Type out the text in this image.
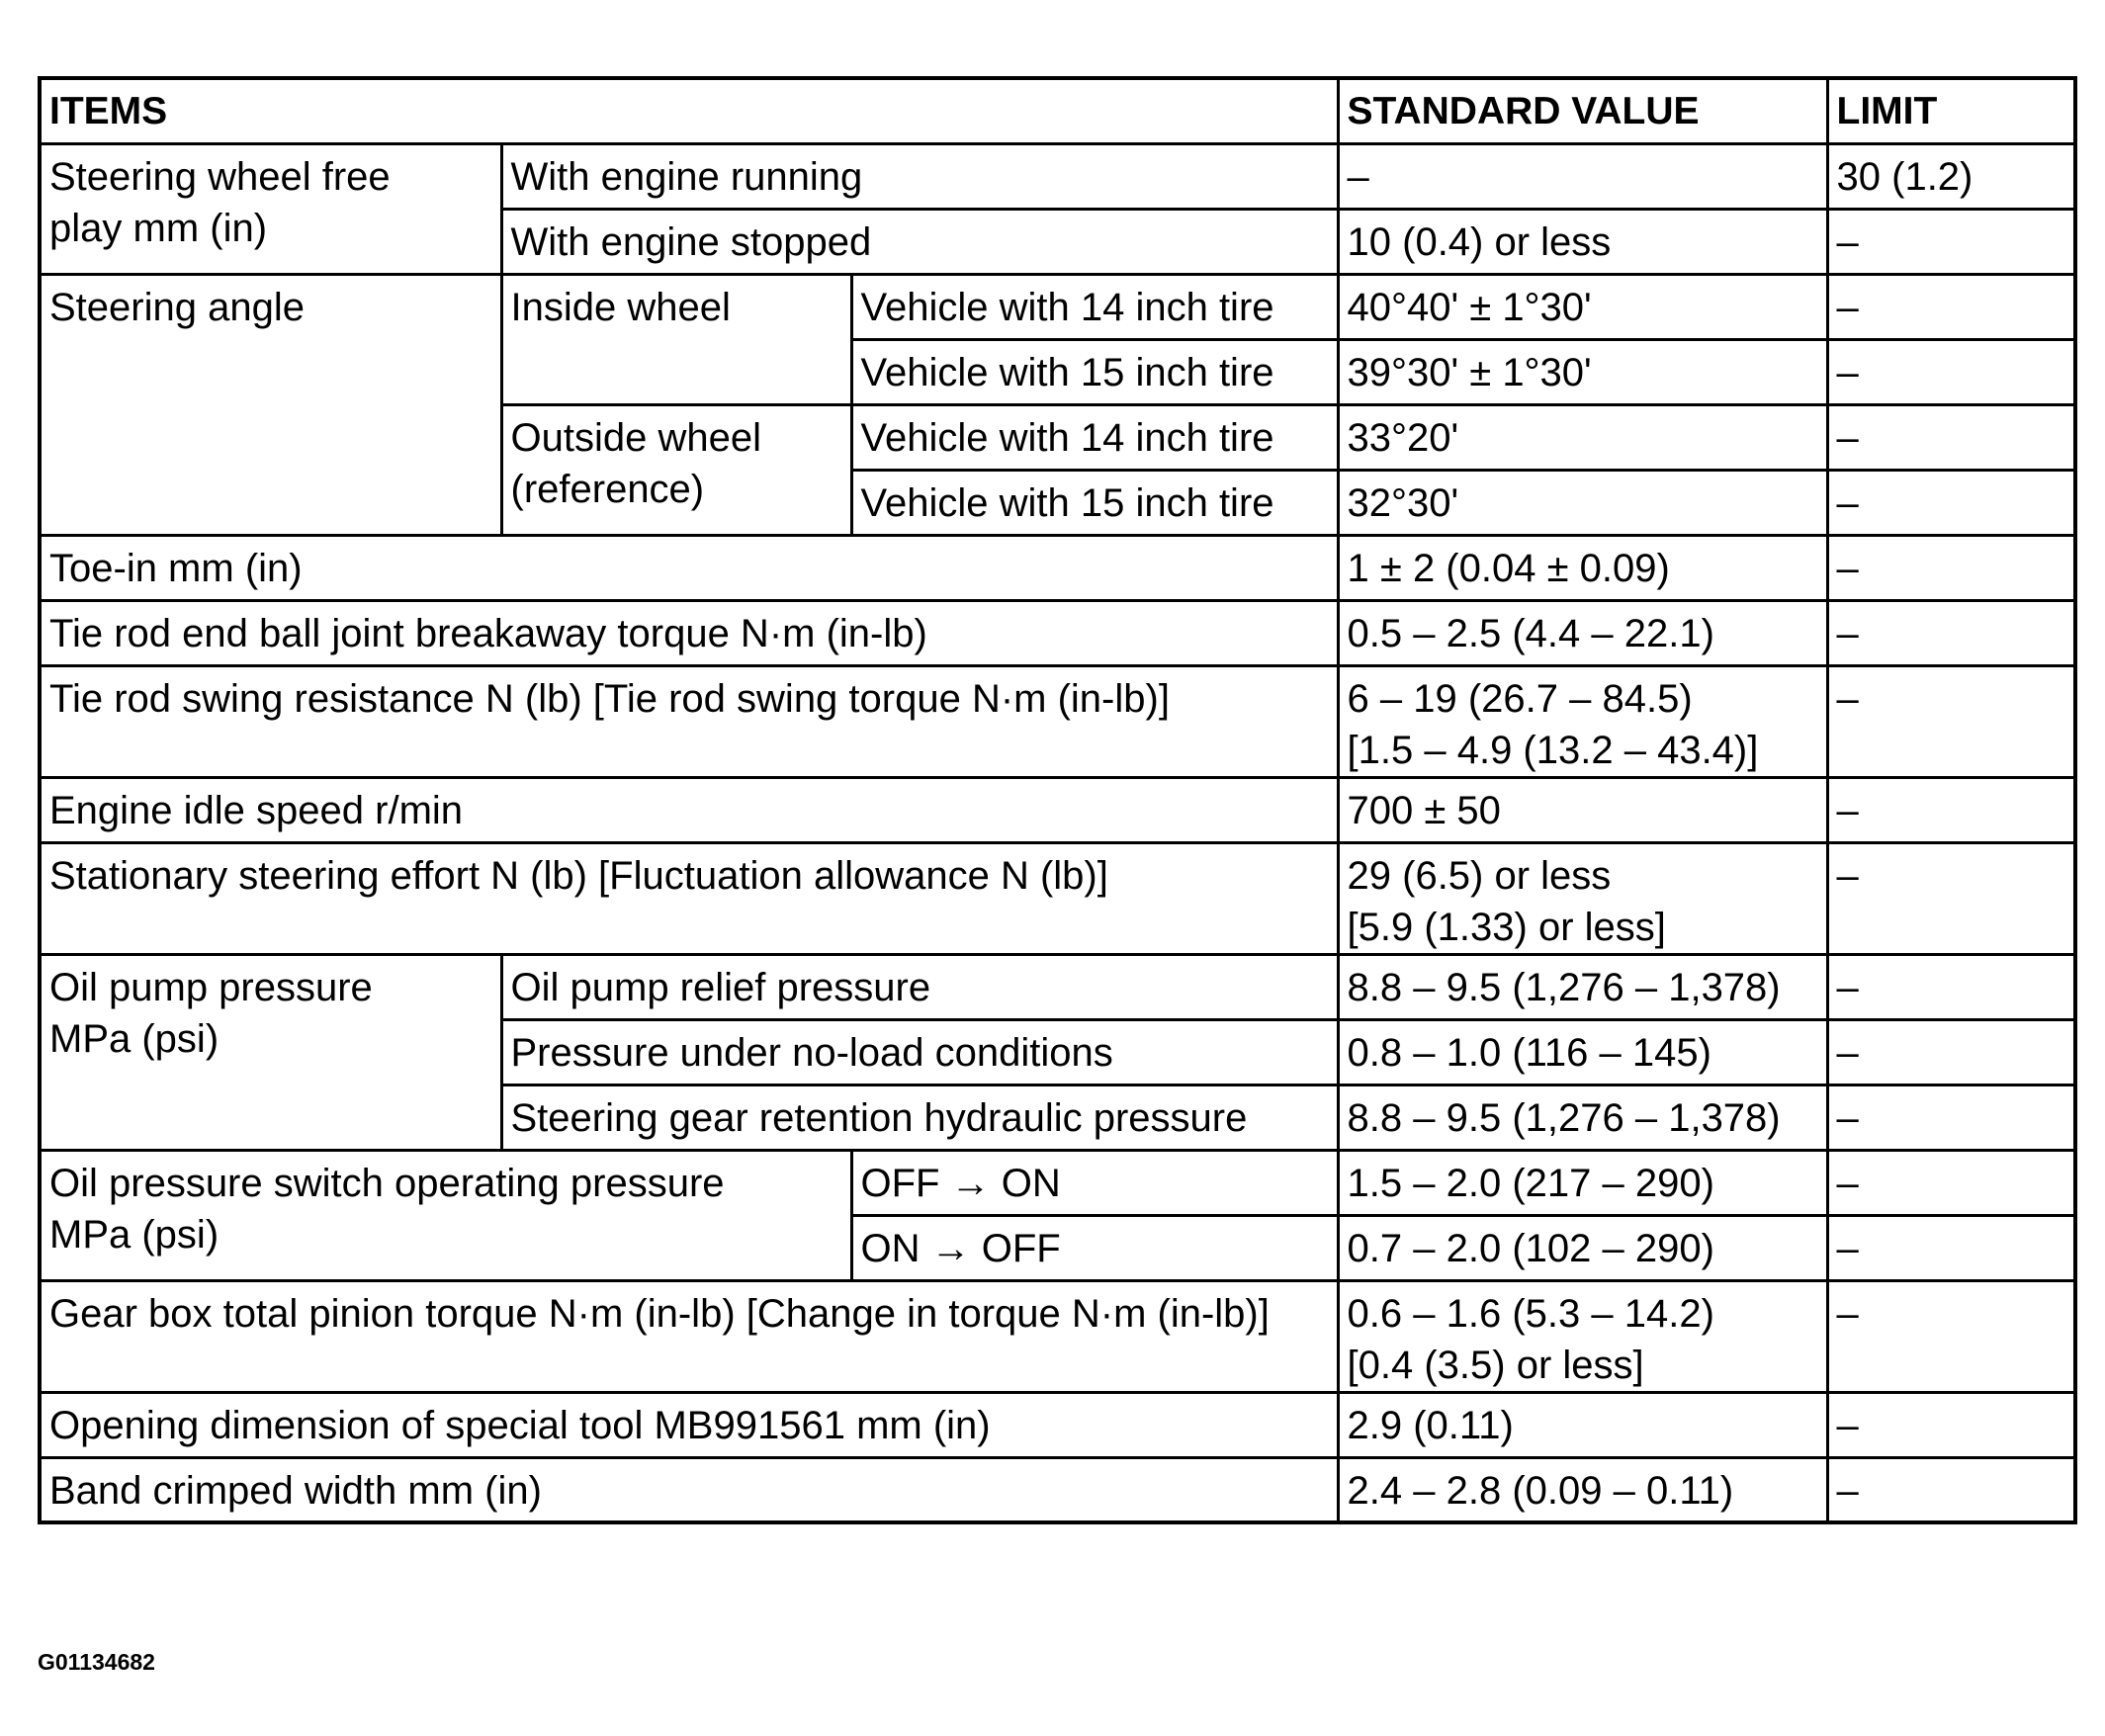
ITEMS			STANDARD VALUE	LIMIT
Steering wheel free
play mm (in)	With engine running		–	30 (1.2)
	With engine stopped		10 (0.4) or less	–
Steering angle	Inside wheel	Vehicle with 14 inch tire	40°40' ± 1°30'	–
		Vehicle with 15 inch tire	39°30' ± 1°30'	–
	Outside wheel
(reference)	Vehicle with 14 inch tire	33°20'	–
		Vehicle with 15 inch tire	32°30'	–
Toe-in mm (in)			1 ± 2 (0.04 ± 0.09)	–
Tie rod end ball joint breakaway torque N·m (in-lb)			0.5 – 2.5 (4.4 – 22.1)	–
Tie rod swing resistance N (lb) [Tie rod swing torque N·m (in-lb)]			6 – 19 (26.7 – 84.5)
[1.5 – 4.9 (13.2 – 43.4)]	–
Engine idle speed r/min			700 ± 50	–
Stationary steering effort N (lb) [Fluctuation allowance N (lb)]			29 (6.5) or less
[5.9 (1.33) or less]	–
Oil pump pressure
MPa (psi)	Oil pump relief pressure		8.8 – 9.5 (1,276 – 1,378)	–
	Pressure under no-load conditions		0.8 – 1.0 (116 – 145)	–
	Steering gear retention hydraulic pressure		8.8 – 9.5 (1,276 – 1,378)	–
Oil pressure switch operating pressure
MPa (psi)		OFF → ON	1.5 – 2.0 (217 – 290)	–
		ON → OFF	0.7 – 2.0 (102 – 290)	–
Gear box total pinion torque N·m (in-lb) [Change in torque N·m (in-lb)]			0.6 – 1.6 (5.3 – 14.2)
[0.4 (3.5) or less]	–
Opening dimension of special tool MB991561 mm (in)			2.9 (0.11)	–
Band crimped width mm (in)			2.4 – 2.8 (0.09 – 0.11)	–
G01134682
